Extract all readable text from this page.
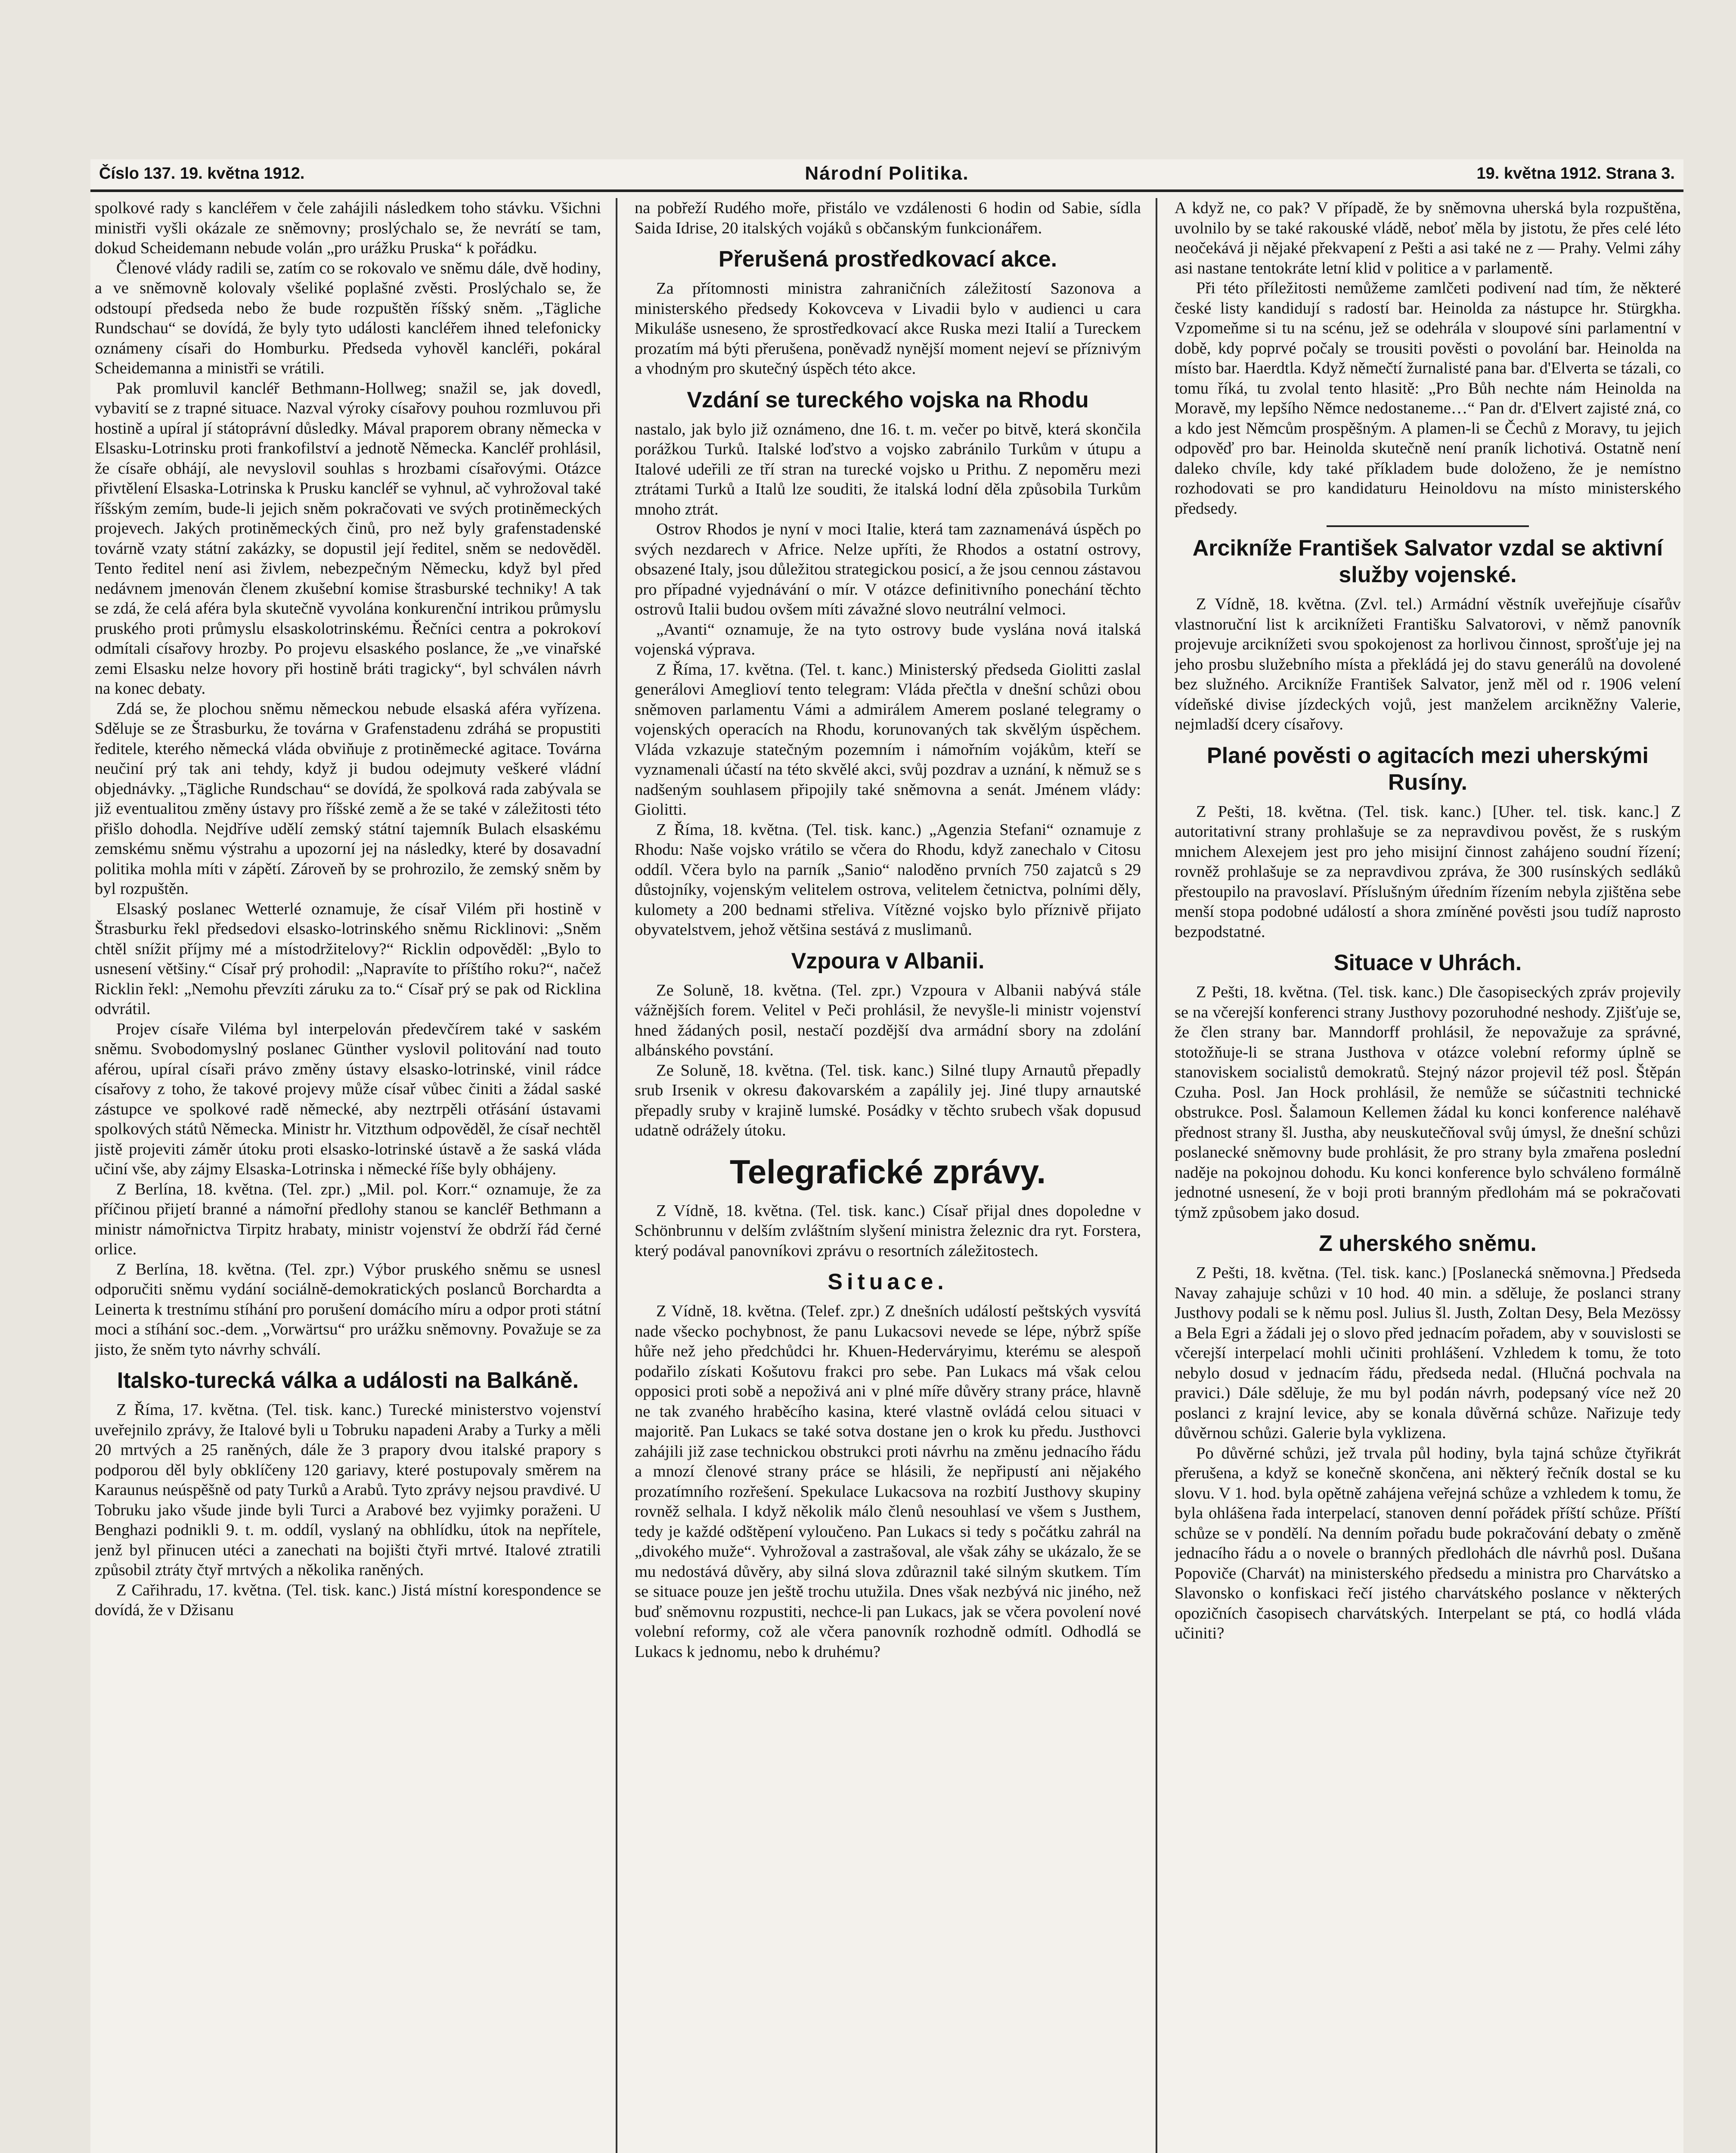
Číslo 137. 19. května 1912.	Národní Politika.	19. května 1912. Strana 3.

spolkové rady s kancléřem v čele zahájili následkem toho stávku. Všichni ministři vyšli okázale ze sněmovny; proslýchalo se, že nevrátí se tam, dokud Scheidemann nebude volán „pro urážku Pruska“ k pořádku.

Členové vlády radili se, zatím co se rokovalo ve sněmu dále, dvě hodiny, a ve sněmovně kolovaly všeliké poplašné zvěsti. Proslýchalo se, že odstoupí předseda nebo že bude rozpuštěn říšský sněm. „Tägliche Rundschau“ se dovídá, že byly tyto události kancléřem ihned telefonicky oznámeny císaři do Homburku. Předseda vyhověl kancléři, pokáral Scheidemanna a ministři se vrátili.

Pak promluvil kancléř Bethmann-Hollweg; snažil se, jak dovedl, vybavití se z trapné situace. Nazval výroky císařovy pouhou rozmluvou při hostině a upíral jí státoprávní důsledky. Mával praporem obrany německa v Elsasku-Lotrinsku proti frankofilství a jednotě Německa. Kancléř prohlásil, že císaře obhájí, ale nevyslovil souhlas s hrozbami císařovými. Otázce přivtělení Elsaska-Lotrinska k Prusku kancléř se vyhnul, ač vyhrožoval také říšským zemím, bude-li jejich sněm pokračovati ve svých protiněmeckých projevech. Jakých protiněmeckých činů, pro než byly grafenstadenské továrně vzaty státní zakázky, se dopustil její ředitel, sněm se nedověděl. Tento ředitel není asi živlem, nebezpečným Německu, když byl před nedávnem jmenován členem zkušební komise štrasburské techniky! A tak se zdá, že celá aféra byla skutečně vyvolána konkurenční intrikou průmyslu pruského proti průmyslu elsaskolotrinskému. Řečníci centra a pokrokoví odmítali císařovy hrozby. Po projevu elsaského poslance, že „ve vinařské zemi Elsasku nelze hovory při hostině bráti tragicky“, byl schválen návrh na konec debaty.

Zdá se, že plochou sněmu německou nebude elsaská aféra vyřízena. Sděluje se ze Štrasburku, že továrna v Grafenstadenu zdráhá se propustiti ředitele, kterého německá vláda obviňuje z protiněmecké agitace. Továrna neučiní prý tak ani tehdy, když ji budou odejmuty veškeré vládní objednávky. „Tägliche Rundschau“ se dovídá, že spolková rada zabývala se již eventualitou změny ústavy pro říšské země a že se také v záležitosti této přišlo dohodla. Nejdříve udělí zemský státní tajemník Bulach elsaskému zemskému sněmu výstrahu a upozorní jej na následky, které by dosavadní politika mohla míti v zápětí. Zároveň by se prohrozilo, že zemský sněm by byl rozpuštěn.

Elsaský poslanec Wetterlé oznamuje, že císař Vilém při hostině v Štrasburku řekl předsedovi elsasko-lotrinského sněmu Ricklinovi: „Sněm chtěl snížit příjmy mé a místodržitelovy?“ Ricklin odpověděl: „Bylo to usnesení většiny.“ Císař prý prohodil: „Napravíte to příštího roku?“, načež Ricklin řekl: „Nemohu převzíti záruku za to.“ Císař prý se pak od Ricklina odvrátil.

Projev císaře Viléma byl interpelován předevčírem také v saském sněmu. Svobodomyslný poslanec Günther vyslovil politování nad touto aférou, upíral císaři právo změny ústavy elsasko-lotrinské, vinil rádce císařovy z toho, že takové projevy může císař vůbec činiti a žádal saské zástupce ve spolkové radě německé, aby neztrpěli otřásání ústavami spolkových států Německa. Ministr hr. Vitzthum odpověděl, že císař nechtěl jistě projeviti záměr útoku proti elsasko-lotrinské ústavě a že saská vláda učiní vše, aby zájmy Elsaska-Lotrinska i německé říše byly obhájeny.

Z Berlína, 18. května. (Tel. zpr.) „Mil. pol. Korr.“ oznamuje, že za příčinou přijetí branné a námořní předlohy stanou se kancléř Bethmann a ministr námořnictva Tirpitz hrabaty, ministr vojenství že obdrží řád černé orlice.

Z Berlína, 18. května. (Tel. zpr.) Výbor pruského sněmu se usnesl odporučiti sněmu vydání sociálně-demokratických poslanců Borchardta a Leinerta k trestnímu stíhání pro porušení domácího míru a odpor proti státní moci a stíhání soc.-dem. „Vorwärtsu“ pro urážku sněmovny. Považuje se za jisto, že sněm tyto návrhy schválí.

Italsko-turecká válka a události na Balkáně.

Z Říma, 17. května. (Tel. tisk. kanc.) Turecké ministerstvo vojenství uveřejnilo zprávy, že Italové byli u Tobruku napadeni Araby a Turky a měli 20 mrtvých a 25 raněných, dále že 3 prapory dvou italské prapory s podporou děl byly obklíčeny 120 gariavy, které postupovaly směrem na Karaunus neúspěšně od paty Turků a Arabů. Tyto zprávy nejsou pravdivé. U Tobruku jako všude jinde byli Turci a Arabové bez vyjimky poraženi. U Benghazi podnikli 9. t. m. oddíl, vyslaný na obhlídku, útok na nepřítele, jenž byl přinucen utéci a zanechati na bojišti čtyři mrtvé. Italové ztratili způsobil ztráty čtyř mrtvých a několika raněných.

Z Cařihradu, 17. května. (Tel. tisk. kanc.) Jistá místní korespondence se dovídá, že v Džisanu

na pobřeží Rudého moře, přistálo ve vzdálenosti 6 hodin od Sabie, sídla Saida Idrise, 20 italských vojáků s občanským funkcionářem.

Přerušená prostředkovací akce.

Za přítomnosti ministra zahraničních záležitostí Sazonova a ministerského předsedy Kokovceva v Livadii bylo v audienci u cara Mikuláše usneseno, že sprostředkovací akce Ruska mezi Italií a Tureckem prozatím má býti přerušena, poněvadž nynější moment nejeví se příznivým a vhodným pro skutečný úspěch této akce.

Vzdání se tureckého vojska na Rhodu

nastalo, jak bylo již oznámeno, dne 16. t. m. večer po bitvě, která skončila porážkou Turků. Italské loďstvo a vojsko zabránilo Turkům v útupu a Italové udeřili ze tří stran na turecké vojsko u Prithu. Z nepoměru mezi ztrátami Turků a Italů lze souditi, že italská lodní děla způsobila Turkům mnoho ztrát.

Ostrov Rhodos je nyní v moci Italie, která tam zaznamenává úspěch po svých nezdarech v Africe. Nelze upříti, že Rhodos a ostatní ostrovy, obsazené Italy, jsou důležitou strategickou posicí, a že jsou cennou zástavou pro případné vyjednávání o mír. V otázce definitivního ponechání těchto ostrovů Italii budou ovšem míti závažné slovo neutrální velmoci.

„Avanti“ oznamuje, že na tyto ostrovy bude vyslána nová italská vojenská výprava.

Z Říma, 17. května. (Tel. t. kanc.) Ministerský předseda Giolitti zaslal generálovi Ameglioví tento telegram: Vláda přečtla v dnešní schůzi obou sněmoven parlamentu Vámi a admirálem Amerem poslané telegramy o vojenských operacích na Rhodu, korunovaných tak skvělým úspěchem. Vláda vzkazuje statečným pozemním i námořním vojákům, kteří se vyznamenali účastí na této skvělé akci, svůj pozdrav a uznání, k němuž se s nadšeným souhlasem připojily také sněmovna a senát. Jménem vlády: Giolitti.

Z Říma, 18. května. (Tel. tisk. kanc.) „Agenzia Stefani“ oznamuje z Rhodu: Naše vojsko vrátilo se včera do Rhodu, když zanechalo v Citosu oddíl. Včera bylo na parník „Sanio“ naloděno prvních 750 zajatců s 29 důstojníky, vojenským velitelem ostrova, velitelem četnictva, polními děly, kulomety a 200 bednami střeliva. Vítězné vojsko bylo příznivě přijato obyvatelstvem, jehož většina sestává z muslimanů.

Vzpoura v Albanii.

Ze Soluně, 18. května. (Tel. zpr.) Vzpoura v Albanii nabývá stále vážnějších forem. Velitel v Peči prohlásil, že nevyšle-li ministr vojenství hned žádaných posil, nestačí pozdější dva armádní sbory na zdolání albánského povstání.

Ze Soluně, 18. května. (Tel. tisk. kanc.) Silné tlupy Arnautů přepadly srub Irsenik v okresu đakovarském a zapálily jej. Jiné tlupy arnautské přepadly sruby v krajině lumské. Posádky v těchto srubech však dopusud udatně odrážely útoku.

Telegrafické zprávy.

Z Vídně, 18. května. (Tel. tisk. kanc.) Císař přijal dnes dopoledne v Schönbrunnu v delším zvláštním slyšení ministra železnic dra ryt. Forstera, který podával panovníkovi zprávu o resortních záležitostech.

Situace.

Z Vídně, 18. května. (Telef. zpr.) Z dnešních událostí peštských vysvítá nade všecko pochybnost, že panu Lukacsovi nevede se lépe, nýbrž spíše hůře než jeho předchůdci hr. Khuen-Hederváryimu, kterému se alespoň podařilo získati Košutovu frakci pro sebe. Pan Lukacs má však celou opposici proti sobě a nepoživá ani v plné míře důvěry strany práce, hlavně ne tak zvaného hraběcího kasina, které vlastně ovládá celou situaci v majoritě. Pan Lukacs se také sotva dostane jen o krok ku předu. Justhovci zahájili již zase technickou obstrukci proti návrhu na změnu jednacího řádu a mnozí členové strany práce se hlásili, že nepřipustí ani nějakého prozatímního rozřešení. Spekulace Lukacsova na rozbití Justhovy skupiny rovněž selhala. I když několik málo členů nesouhlasí ve všem s Justhem, tedy je každé odštěpení vyloučeno. Pan Lukacs si tedy s počátku zahrál na „divokého muže“. Vyhrožoval a zastrašoval, ale však záhy se ukázalo, že se mu nedostává důvěry, aby silná slova zdůraznil také silným skutkem. Tím se situace pouze jen ještě trochu utužila. Dnes však nezbývá nic jiného, než buď sněmovnu rozpustiti, nechce-li pan Lukacs, jak se včera povolení nové volební reformy, což ale včera panovník rozhodně odmítl. Odhodlá se Lukacs k jednomu, nebo k druhému?

A když ne, co pak? V případě, že by sněmovna uherská byla rozpuštěna, uvolnilo by se také rakouské vládě, neboť měla by jistotu, že přes celé léto neočekává ji nějaké překvapení z Pešti a asi také ne z — Prahy. Velmi záhy asi nastane tentokráte letní klid v politice a v parlamentě.

Při této příležitosti nemůžeme zamlčeti podivení nad tím, že některé české listy kandidují s radostí bar. Heinolda za nástupce hr. Stürgkha. Vzpomeňme si tu na scénu, jež se odehrála v sloupové síni parlamentní v době, kdy poprvé počaly se trousiti pověsti o povolání bar. Heinolda na místo bar. Haerdtla. Když němečtí žurnalisté pana bar. d'Elverta se tázali, co tomu říká, tu zvolal tento hlasitě: „Pro Bůh nechte nám Heinolda na Moravě, my lepšího Němce nedostaneme…“ Pan dr. d'Elvert zajisté zná, co a kdo jest Němcům prospěšným. A plamen-li se Čechů z Moravy, tu jejich odpověď pro bar. Heinolda skutečně není praník lichotivá. Ostatně není daleko chvíle, kdy také příkladem bude doloženo, že je nemístno rozhodovati se pro kandidaturu Heinoldovu na místo ministerského předsedy.

Arcikníže František Salvator vzdal se aktivní služby vojenské.

Z Vídně, 18. května. (Zvl. tel.) Armádní věstník uveřejňuje císařův vlastnoruční list k arciknížeti Františku Salvatorovi, v němž panovník projevuje arciknížeti svou spokojenost za horlivou činnost, sprošťuje jej na jeho prosbu služebního místa a překládá jej do stavu generálů na dovolené bez služného. Arcikníže František Salvator, jenž měl od r. 1906 velení vídeňské divise jízdeckých vojů, jest manželem arcikněžny Valerie, nejmladší dcery císařovy.

Plané pověsti o agitacích mezi uherskými Rusíny.

Z Pešti, 18. května. (Tel. tisk. kanc.) [Uher. tel. tisk. kanc.] Z autoritativní strany prohlašuje se za nepravdivou pověst, že s ruským mnichem Alexejem jest pro jeho misijní činnost zahájeno soudní řízení; rovněž prohlašuje se za nepravdivou zpráva, že 300 rusínských sedláků přestoupilo na pravoslaví. Příslušným úředním řízením nebyla zjištěna sebe menší stopa podobné událostí a shora zmíněné pověsti jsou tudíž naprosto bezpodstatné.

Situace v Uhrách.

Z Pešti, 18. května. (Tel. tisk. kanc.) Dle časopiseckých zpráv projevily se na včerejší konferenci strany Justhovy pozoruhodné neshody. Zjišťuje se, že člen strany bar. Manndorff prohlásil, že nepovažuje za správné, stotožňuje-li se strana Justhova v otázce volební reformy úplně se stanoviskem socialistů demokratů. Stejný názor projevil též posl. Štěpán Czuha. Posl. Jan Hock prohlásil, že nemůže se súčastniti technické obstrukce. Posl. Šalamoun Kellemen žádal ku konci konference naléhavě přednost strany šl. Justha, aby neuskutečňoval svůj úmysl, že dnešní schůzi poslanecké sněmovny bude prohlásit, že pro strany byla zmařena poslední naděje na pokojnou dohodu. Ku konci konference bylo schváleno formálně jednotné usnesení, že v boji proti branným předlohám má se pokračovati týmž způsobem jako dosud.

Z uherského sněmu.

Z Pešti, 18. května. (Tel. tisk. kanc.) [Poslanecká sněmovna.] Předseda Navay zahajuje schůzi v 10 hod. 40 min. a sděluje, že poslanci strany Justhovy podali se k němu posl. Julius šl. Justh, Zoltan Desy, Bela Mezössy a Bela Egri a žádali jej o slovo před jednacím pořadem, aby v souvislosti se včerejší interpelací mohli učiniti prohlášení. Vzhledem k tomu, že toto nebylo dosud v jednacím řádu, předseda nedal. (Hlučná pochvala na pravici.) Dále sděluje, že mu byl podán návrh, podepsaný více než 20 poslanci z krajní levice, aby se konala důvěrná schůze. Nařizuje tedy důvěrnou schůzi. Galerie byla vyklizena.

Po důvěrné schůzi, jež trvala půl hodiny, byla tajná schůze čtyřikrát přerušena, a když se konečně skončena, ani některý řečník dostal se ku slovu. V 1. hod. byla opětně zahájena veřejná schůze a vzhledem k tomu, že byla ohlášena řada interpelací, stanoven denní pořádek příští schůze. Příští schůze se v pondělí. Na denním pořadu bude pokračování debaty o změně jednacího řádu a o novele o branných předlohách dle návrhů posl. Dušana Popoviče (Charvát) na ministerského předsedu a ministra pro Charvátsko a Slavonsko o konfiskaci řečí jistého charvátského poslance v některých opozičních časopisech charvátských. Interpelant se ptá, co hodlá vláda učiniti?
